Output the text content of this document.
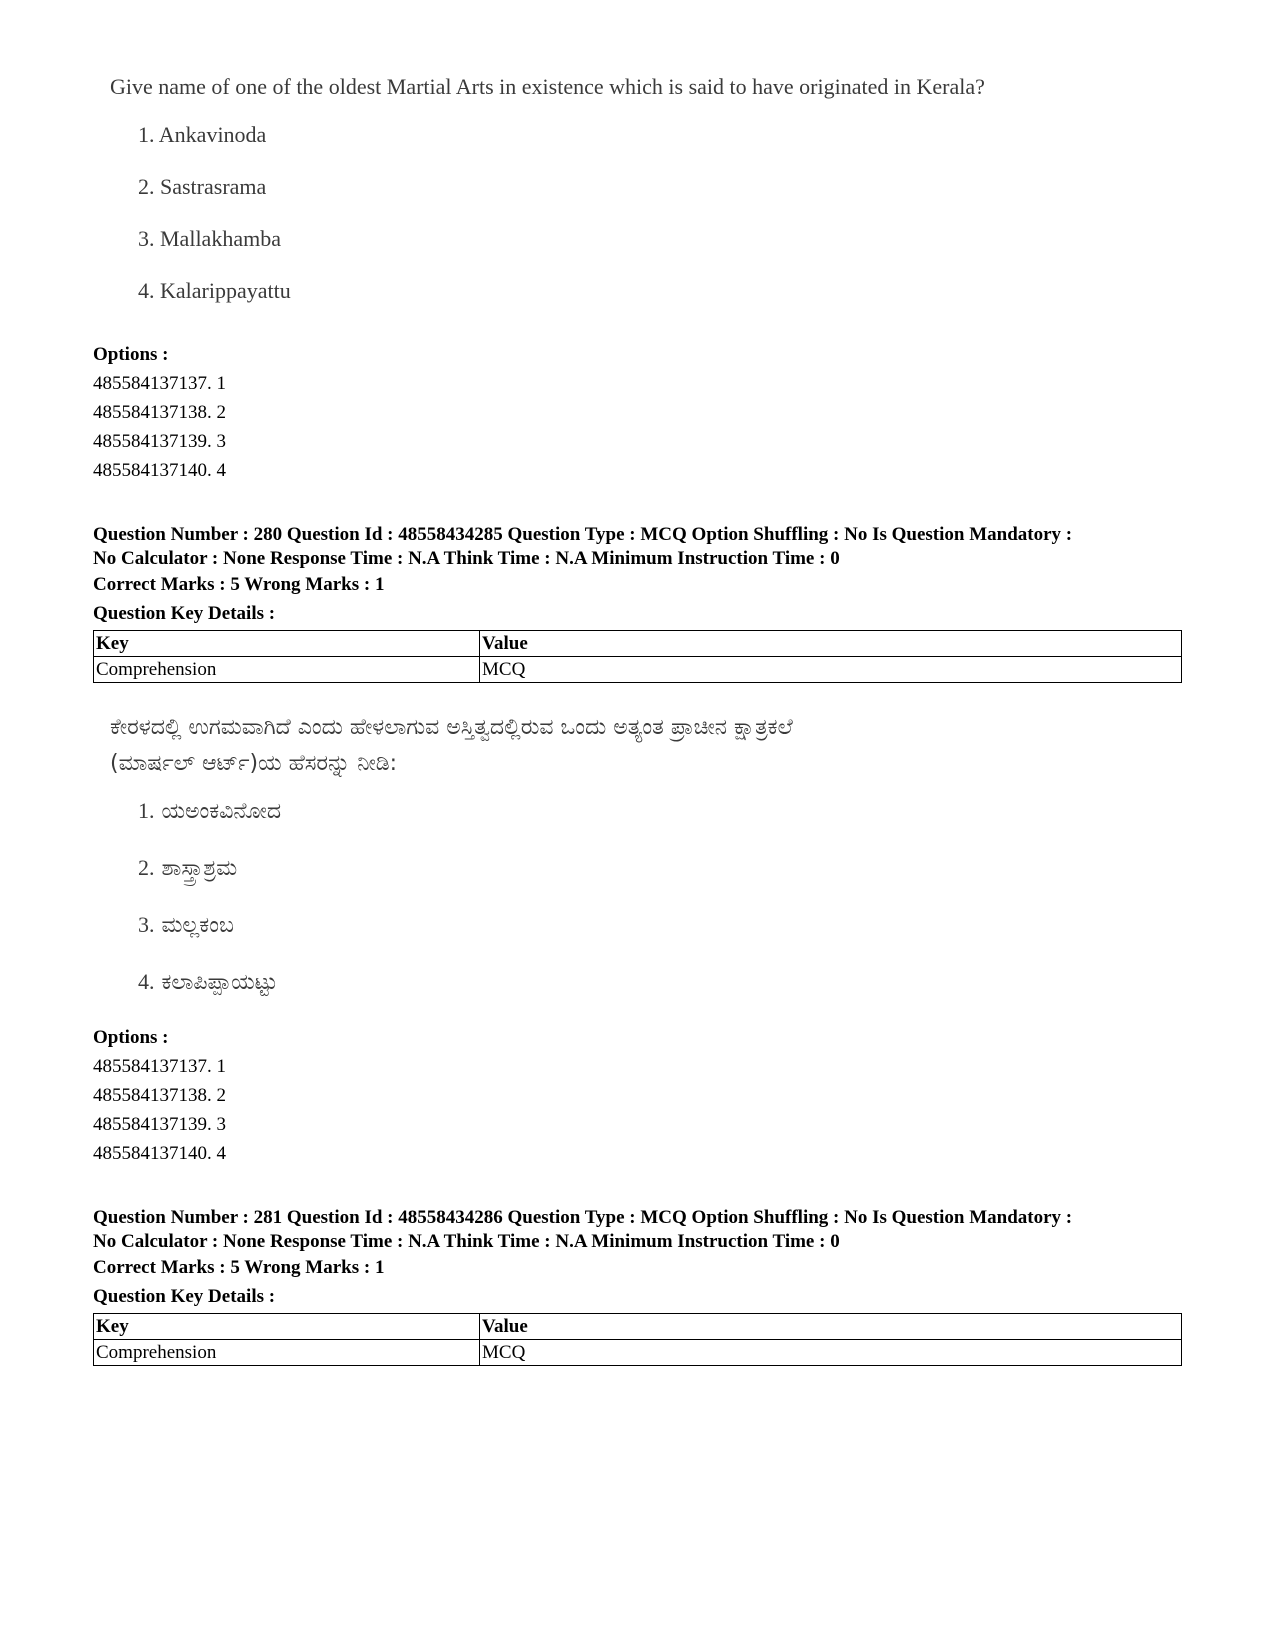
Give name of one of the oldest Martial Arts in existence which is said to have originated in Kerala?
1. Ankavinoda
2. Sastrasrama
3. Mallakhamba
4. Kalarippayattu
Options :
485584137137. 1
485584137138. 2
485584137139. 3
485584137140. 4
Question Number : 280 Question Id : 48558434285 Question Type : MCQ Option Shuffling : No Is Question Mandatory :
No Calculator : None Response Time : N.A Think Time : N.A Minimum Instruction Time : 0
Correct Marks : 5 Wrong Marks : 1
Question Key Details :
Key	Value
Comprehension	MCQ
ಕೇರಳದಲ್ಲಿ ಉಗಮವಾಗಿದೆ ಎಂದು ಹೇಳಲಾಗುವ ಅಸ್ತಿತ್ವದಲ್ಲಿರುವ ಒಂದು ಅತ್ಯಂತ ಪ್ರಾಚೀನ ಕ್ಷಾತ್ರಕಲೆ
(ಮಾರ್ಷಲ್ ಆರ್ಟ್)ಯ ಹೆಸರನ್ನು ನೀಡಿ:
1. ಯಅಂಕವಿನೋದ
2. ಶಾಸ್ತ್ರಾಶ್ರಮ
3. ಮಲ್ಲಕಂಬ
4. ಕಲಾಪಿಪ್ಪಾಯಟ್ಟು
Options :
485584137137. 1
485584137138. 2
485584137139. 3
485584137140. 4
Question Number : 281 Question Id : 48558434286 Question Type : MCQ Option Shuffling : No Is Question Mandatory :
No Calculator : None Response Time : N.A Think Time : N.A Minimum Instruction Time : 0
Correct Marks : 5 Wrong Marks : 1
Question Key Details :
Key	Value
Comprehension	MCQ
